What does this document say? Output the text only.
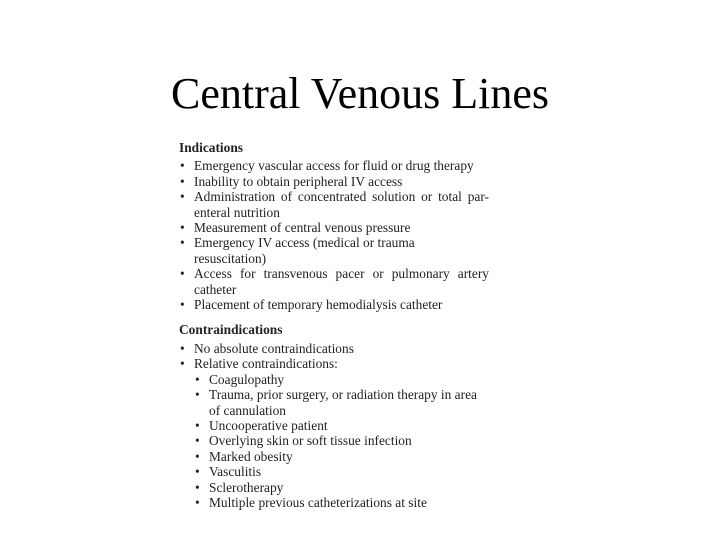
Central Venous Lines
Indications
• Emergency vascular access for fluid or drug therapy
• Inability to obtain peripheral IV access
• Administration of concentrated solution or total par-enteral nutrition
• Measurement of central venous pressure
• Emergency IV access (medical or trauma resuscitation)
• Access for transvenous pacer or pulmonary artery catheter
• Placement of temporary hemodialysis catheter
Contraindications
• No absolute contraindications
• Relative contraindications:
• Coagulopathy
• Trauma, prior surgery, or radiation therapy in area of cannulation
• Uncooperative patient
• Overlying skin or soft tissue infection
• Marked obesity
• Vasculitis
• Sclerotherapy
• Multiple previous catheterizations at site
